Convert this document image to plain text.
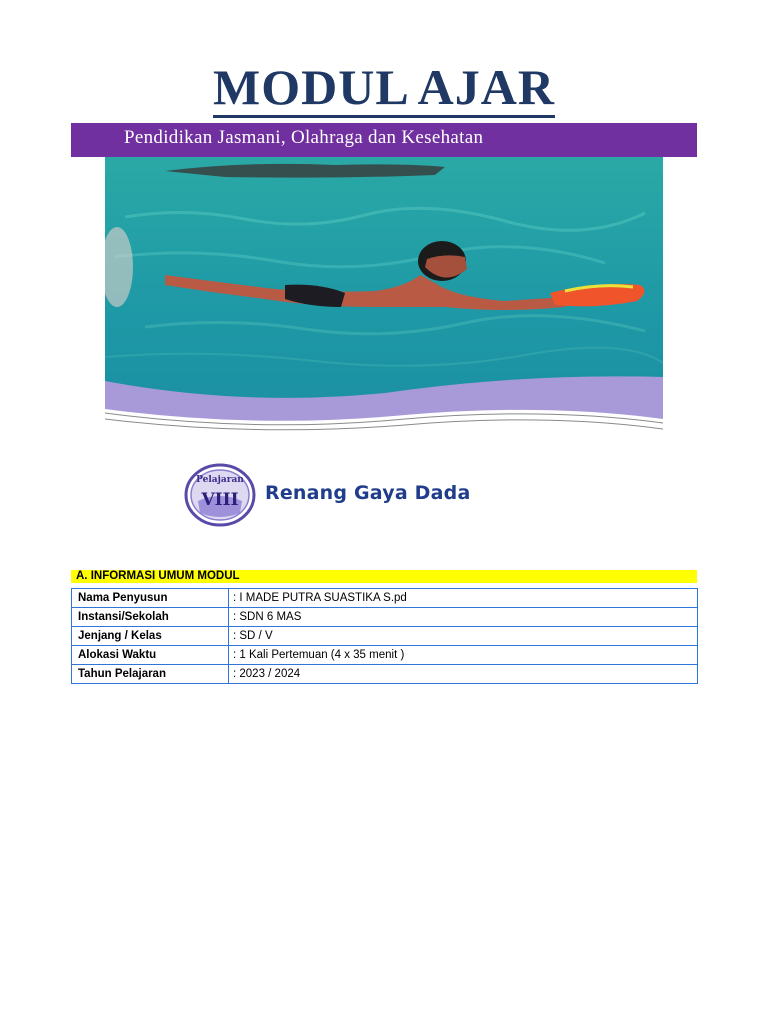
MODUL AJAR
Pendidikan Jasmani, Olahraga dan Kesehatan
Pelajaran
VIII Renang Gaya Dada
A. INFORMASI UMUM MODUL
Nama Penyusun	: I MADE PUTRA SUASTIKA S.pd
Instansi/Sekolah	: SDN 6 MAS
Jenjang / Kelas	: SD / V
Alokasi Waktu	: 1 Kali Pertemuan (4 x 35 menit )
Tahun Pelajaran	: 2023 / 2024
